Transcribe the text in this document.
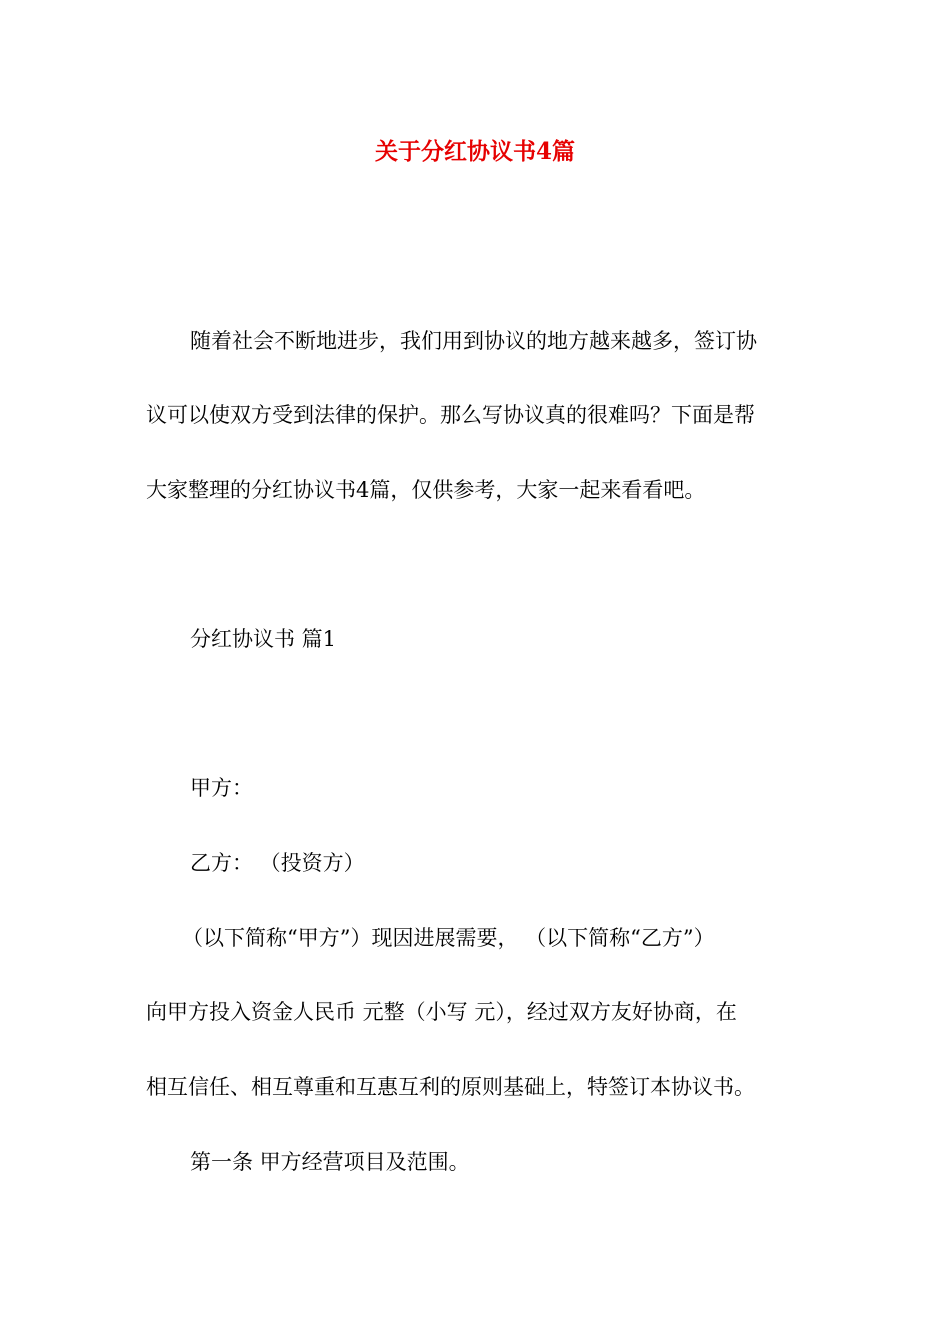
关于分红协议书4篇
随着社会不断地进步，我们用到协议的地方越来越多，签订协
议可以使双方受到法律的保护。那么写协议真的很难吗？下面是帮
大家整理的分红协议书4篇，仅供参考，大家一起来看看吧。
分红协议书 篇1
甲方：
乙方： （投资方）
（以下简称“甲方”）现因进展需要， （以下简称“乙方”）
向甲方投入资金人民币 元整（小写 元），经过双方友好协商，在
相互信任、相互尊重和互惠互利的原则基础上，特签订本协议书。
第一条 甲方经营项目及范围。
